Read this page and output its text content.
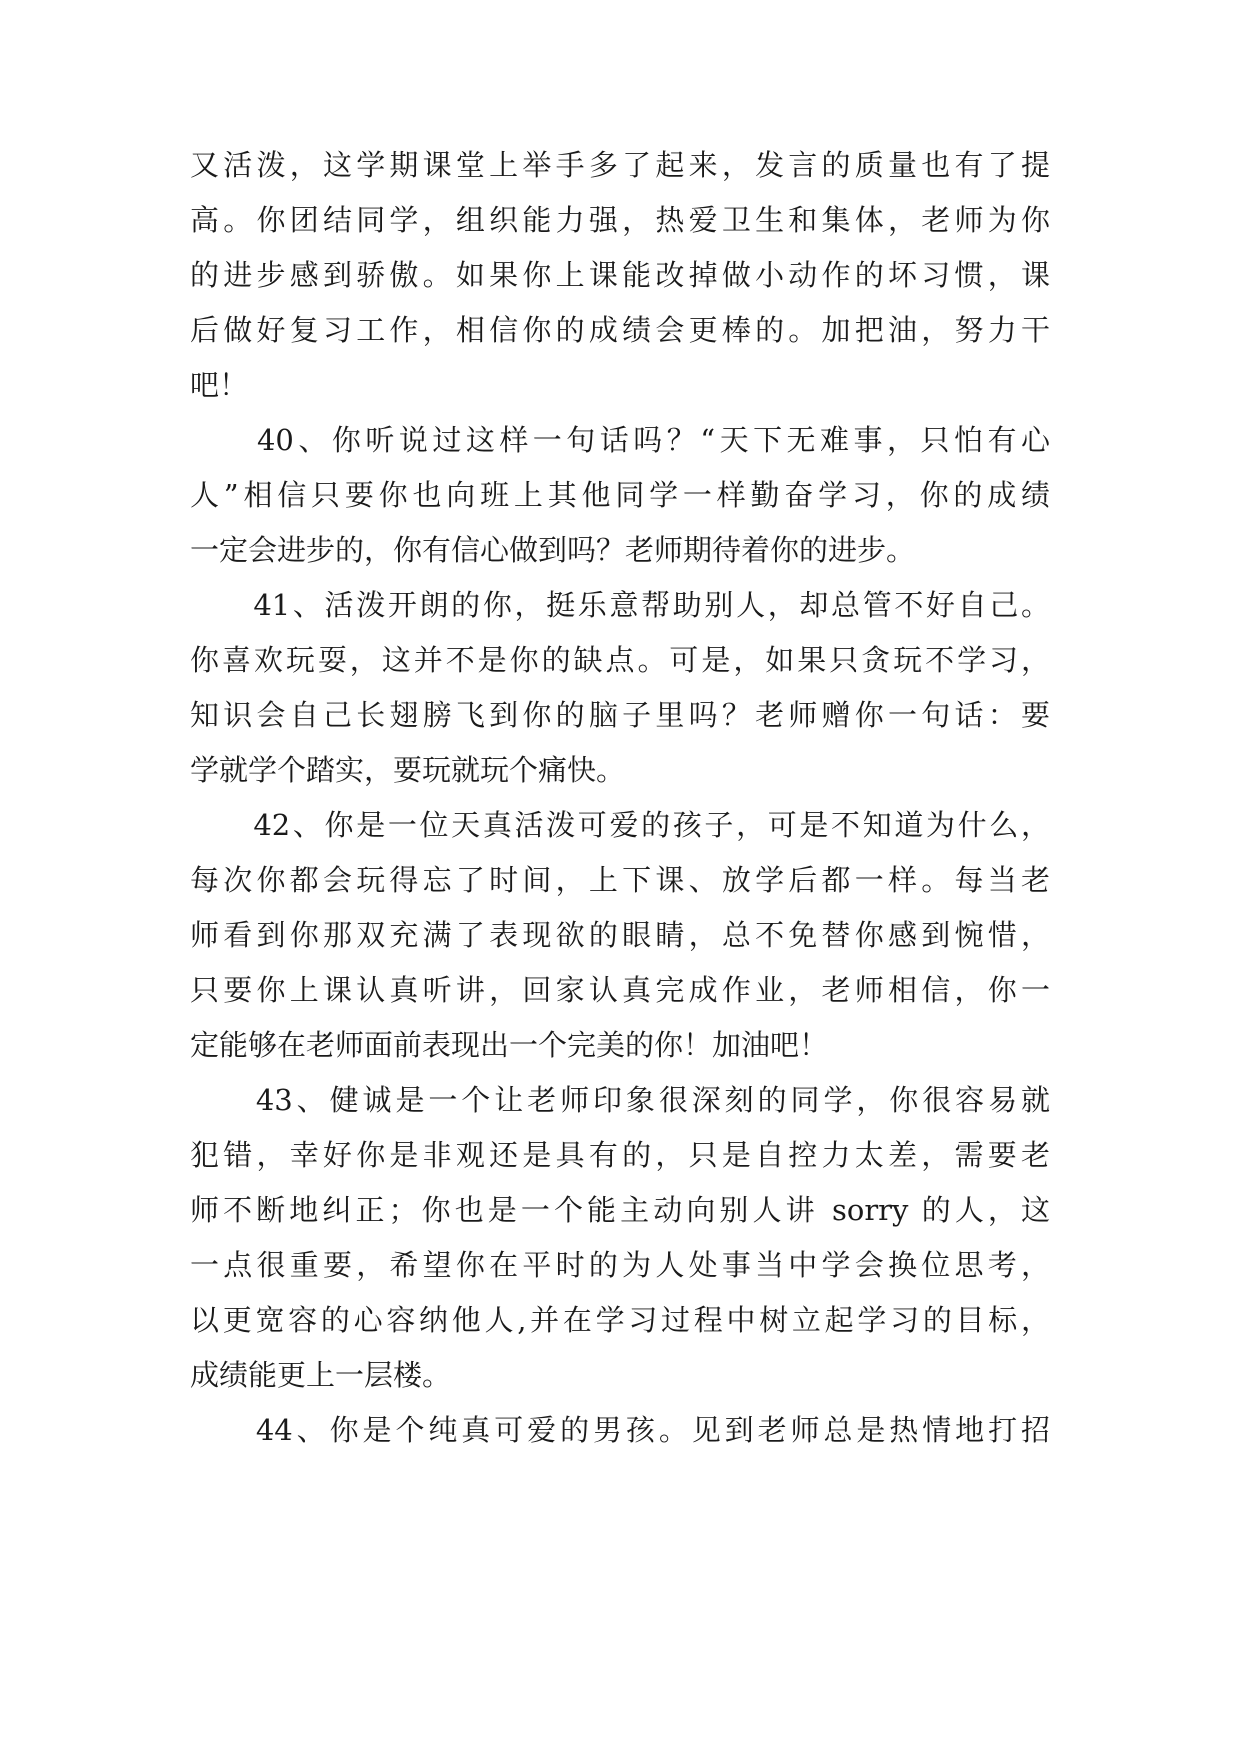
又活泼，这学期课堂上举手多了起来，发言的质量也有了提
高。你团结同学，组织能力强，热爱卫生和集体，老师为你
的进步感到骄傲。如果你上课能改掉做小动作的坏习惯，课
后做好复习工作，相信你的成绩会更棒的。加把油，努力干
吧！
　　40、你听说过这样一句话吗？“天下无难事，只怕有心
人”相信只要你也向班上其他同学一样勤奋学习，你的成绩
一定会进步的，你有信心做到吗？老师期待着你的进步。
　　41、活泼开朗的你，挺乐意帮助别人，却总管不好自己。
你喜欢玩耍，这并不是你的缺点。可是，如果只贪玩不学习，
知识会自己长翅膀飞到你的脑子里吗？老师赠你一句话：要
学就学个踏实，要玩就玩个痛快。
　　42、你是一位天真活泼可爱的孩子，可是不知道为什么，
每次你都会玩得忘了时间，上下课、放学后都一样。每当老
师看到你那双充满了表现欲的眼睛，总不免替你感到惋惜，
只要你上课认真听讲，回家认真完成作业，老师相信，你一
定能够在老师面前表现出一个完美的你！加油吧！
　　43、健诚是一个让老师印象很深刻的同学，你很容易就
犯错，幸好你是非观还是具有的，只是自控力太差，需要老
师不断地纠正；你也是一个能主动向别人讲 sorry 的人，这
一点很重要，希望你在平时的为人处事当中学会换位思考，
以更宽容的心容纳他人,并在学习过程中树立起学习的目标，
成绩能更上一层楼。
　　44、你是个纯真可爱的男孩。见到老师总是热情地打招
